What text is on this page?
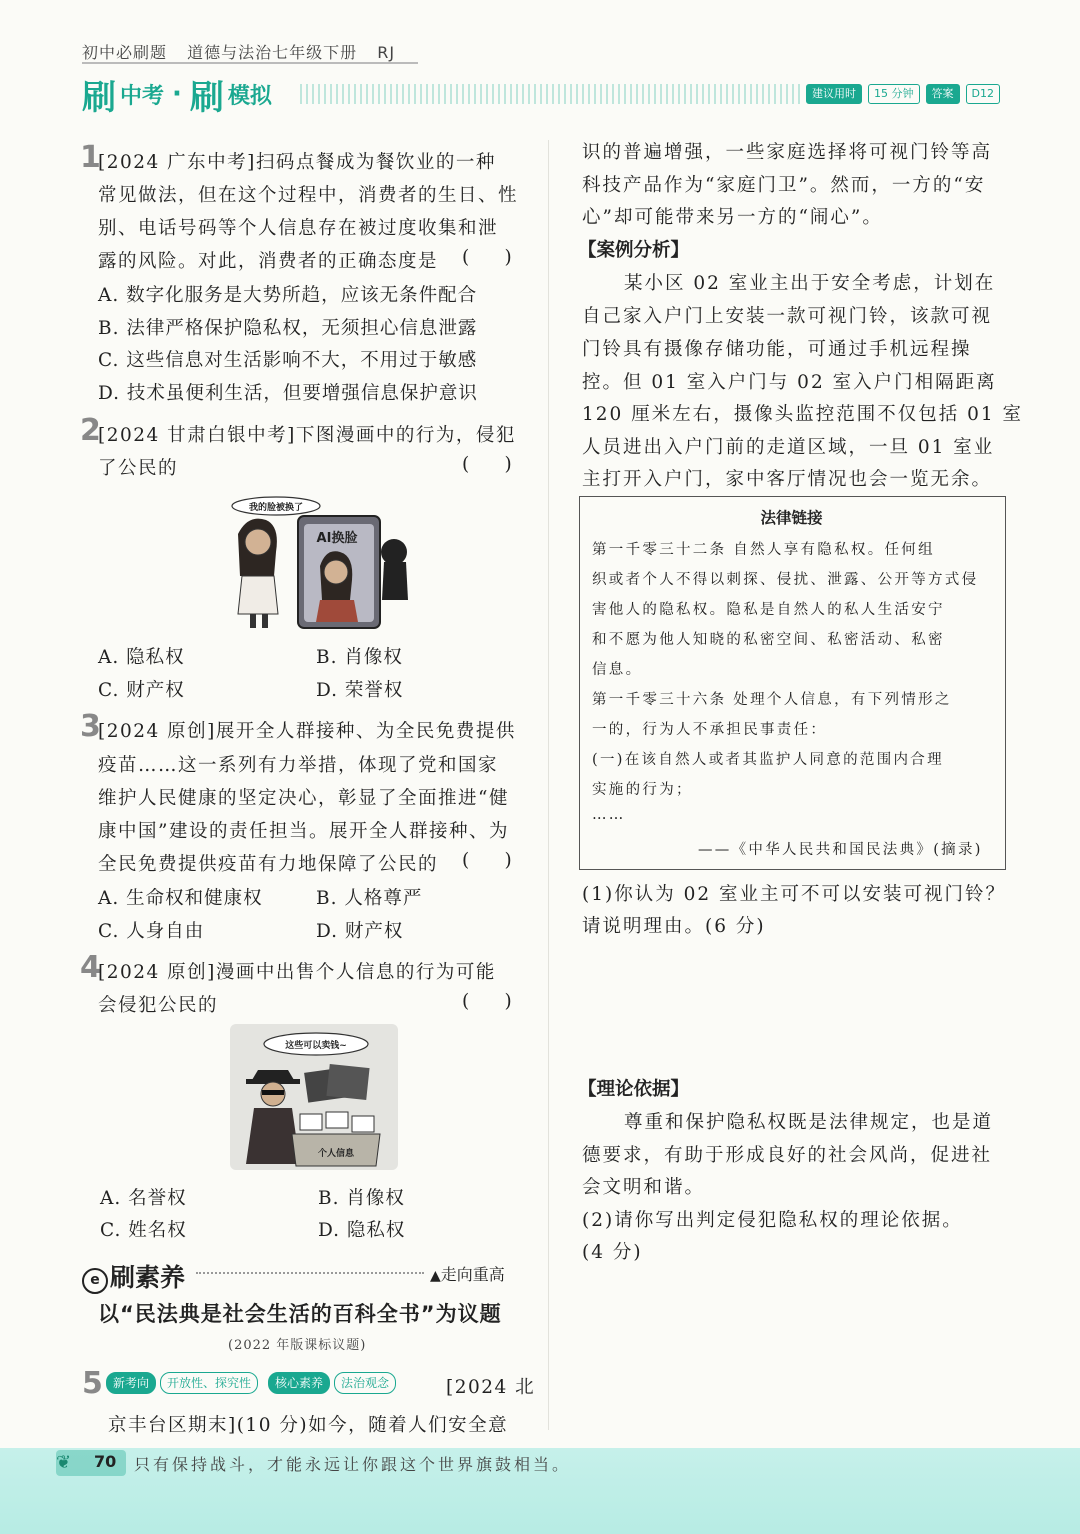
初中必刷题 道德与法治七年级下册 RJ
刷 中考 · 刷 模拟	建议用时	15 分钟	答案	D12
1
[2024 广东中考]扫码点餐成为餐饮业的一种
常见做法，但在这个过程中，消费者的生日、性
别、电话号码等个人信息存在被过度收集和泄
露的风险。对此，消费者的正确态度是 (      )
A. 数字化服务是大势所趋，应该无条件配合
B. 法律严格保护隐私权，无须担心信息泄露
C. 这些信息对生活影响不大，不用过于敏感
D. 技术虽便利生活，但要增强信息保护意识
2
[2024 甘肃白银中考]下图漫画中的行为，侵犯
了公民的	(      )
我的脸被换了
AI换脸
A. 隐私权	B. 肖像权
C. 财产权	D. 荣誉权
3
[2024 原创]展开全人群接种、为全民免费提供
疫苗……这一系列有力举措，体现了党和国家
维护人民健康的坚定决心，彰显了全面推进“健
康中国”建设的责任担当。展开全人群接种、为
全民免费提供疫苗有力地保障了公民的 (      )
A. 生命权和健康权	B. 人格尊严
C. 人身自由	D. 财产权
4
[2024 原创]漫画中出售个人信息的行为可能
会侵犯公民的	(      )
这些可以卖钱~
个人信息
A. 名誉权	B. 肖像权
C. 姓名权	D. 隐私权
e 刷素养	▲走向重高
以“民法典是社会生活的百科全书”为议题
(2022 年版课标议题)
5 新考向	开放性、探究性	核心素养	法治观念	[2024 北
京丰台区期末](10 分)如今，随着人们安全意
识的普遍增强，一些家庭选择将可视门铃等高
科技产品作为“家庭门卫”。然而，一方的“安
心”却可能带来另一方的“闹心”。
【案例分析】
某小区 02 室业主出于安全考虑，计划在
自己家入户门上安装一款可视门铃，该款可视
门铃具有摄像存储功能，可通过手机远程操
控。但 01 室入户门与 02 室入户门相隔距离
120 厘米左右，摄像头监控范围不仅包括 01 室
人员进出入户门前的走道区域，一旦 01 室业
主打开入户门，家中客厅情况也会一览无余。
法律链接
第一千零三十二条 自然人享有隐私权。任何组
织或者个人不得以刺探、侵扰、泄露、公开等方式侵
害他人的隐私权。隐私是自然人的私人生活安宁
和不愿为他人知晓的私密空间、私密活动、私密
信息。
第一千零三十六条 处理个人信息，有下列情形之
一的，行为人不承担民事责任：
(一)在该自然人或者其监护人同意的范围内合理
实施的行为；
……
——《中华人民共和国民法典》(摘录)
(1)你认为 02 室业主可不可以安装可视门铃？
请说明理由。(6 分)
【理论依据】
尊重和保护隐私权既是法律规定，也是道
德要求，有助于形成良好的社会风尚，促进社
会文明和谐。
(2)请你写出判定侵犯隐私权的理论依据。
(4 分)
❦ 70 只有保持战斗，才能永远让你跟这个世界旗鼓相当。
